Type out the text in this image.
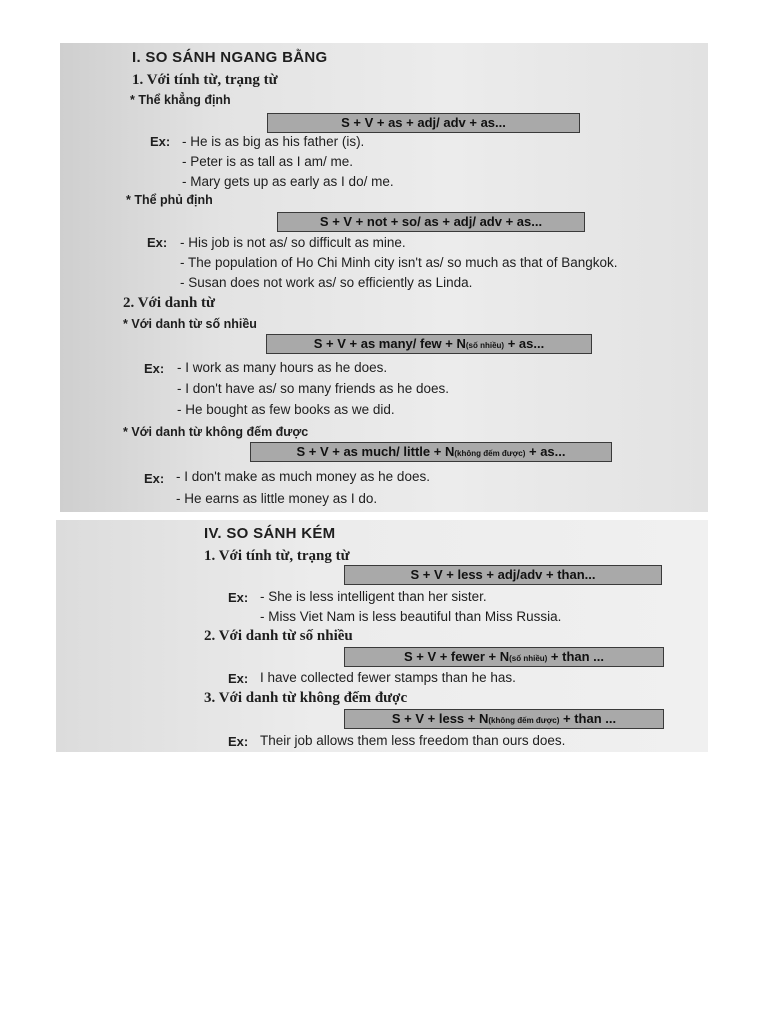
I. SO SÁNH NGANG BẰNG
1. Với tính từ, trạng từ
* Thể khẳng định
S + V + as + adj/ adv + as...
Ex: - He is as big as his father (is).
- Peter is as tall as I am/ me.
- Mary gets up as early as I do/ me.
* Thể phủ định
S + V + not + so/ as + adj/ adv + as...
Ex: - His job is not as/ so difficult as mine.
- The population of Ho Chi Minh city isn't as/ so much as that of Bangkok.
- Susan does not work as/ so efficiently as Linda.
2. Với danh từ
* Với danh từ số nhiều
S + V + as many/ few + N(số nhiều) + as...
Ex: - I work as many hours as he does.
- I don't have as/ so many friends as he does.
- He bought as few books as we did.
* Với danh từ không đếm được
S + V + as much/ little + N(không đếm được) + as...
Ex: - I don't make as much money as he does.
- He earns as little money as I do.
IV. SO SÁNH KÉM
1. Với tính từ, trạng từ
S + V + less + adj/adv + than...
Ex: - She is less intelligent than her sister.
- Miss Viet Nam is less beautiful than Miss Russia.
2. Với danh từ số nhiều
S + V + fewer + N(số nhiều) + than ...
Ex: I have collected fewer stamps than he has.
3. Với danh từ không đếm được
S + V + less + N(không đếm được) + than ...
Ex: Their job allows them less freedom than ours does.
